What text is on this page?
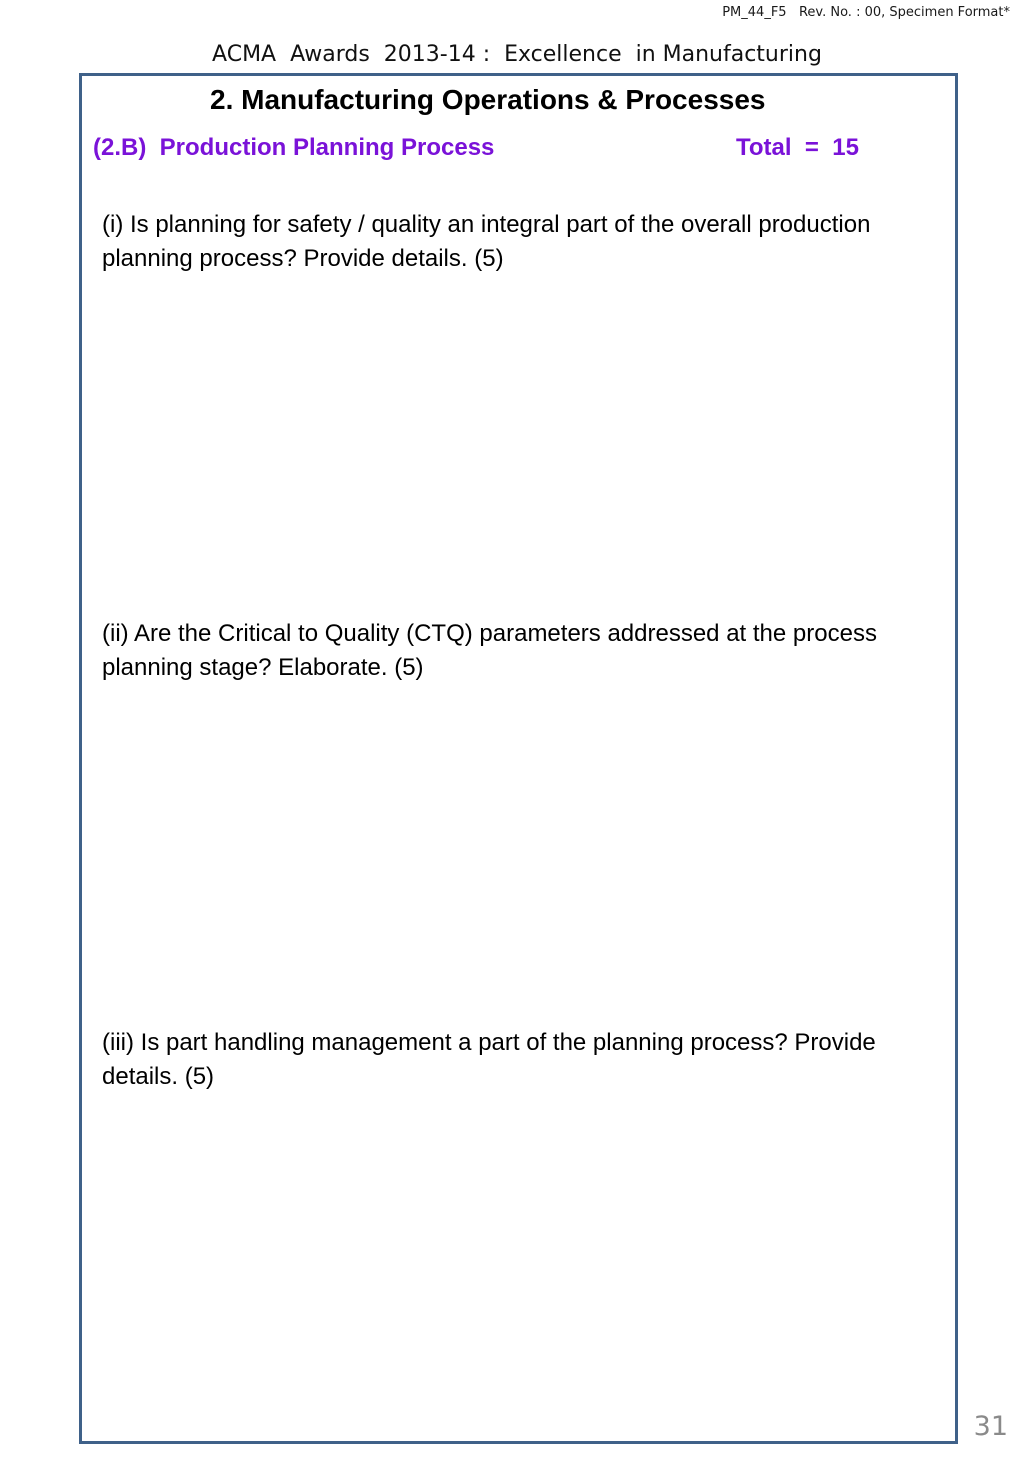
PM_44_F5   Rev. No. : 00, Specimen Format*
ACMA  Awards  2013-14 :  Excellence  in Manufacturing
2. Manufacturing Operations & Processes
(2.B)  Production Planning Process	Total  =  15
(i) Is planning for safety / quality an integral part of the overall production planning process? Provide details. (5)
(ii) Are the Critical to Quality (CTQ) parameters addressed at the process planning stage? Elaborate. (5)
(iii) Is part handling management a part of the planning process? Provide details. (5)
31
